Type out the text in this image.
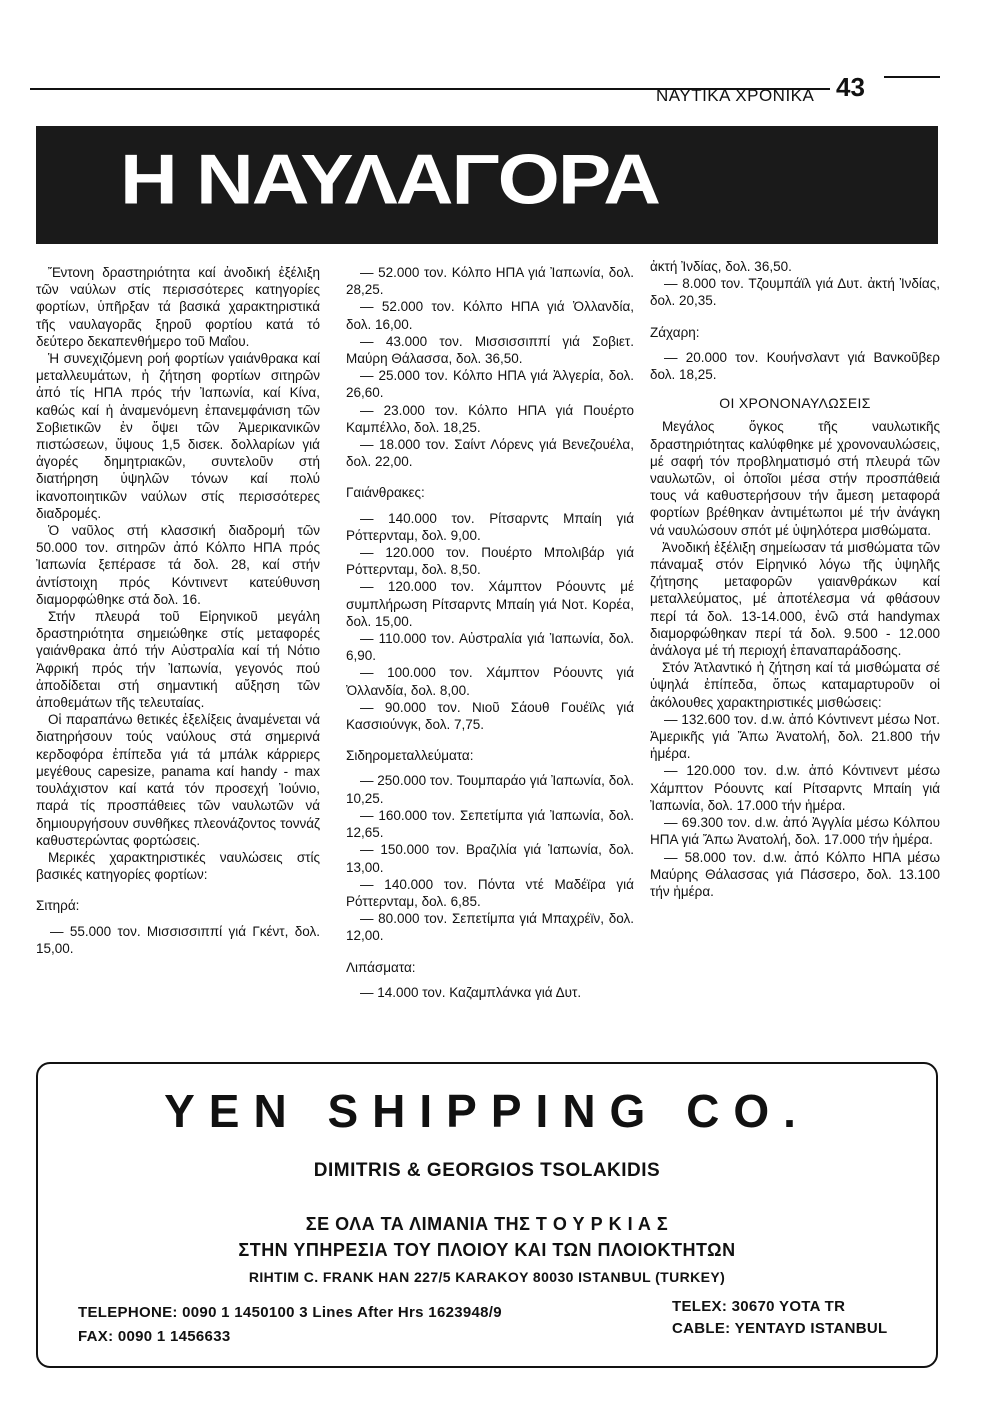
ΝΑΥΤΙΚΑ ΧΡΟΝΙΚΑ 43
Η ΝΑΥΛΑΓΟΡΑ

Ἔντονη δραστηριότητα καί ἀνοδική ἐξέλιξη τῶν ναύλων στίς περισσότερες κατηγορίες φορτίων, ὑπῆρξαν τά βασικά χαρακτηριστικά τῆς ναυλαγορᾶς ξηροῦ φορτίου κατά τό δεύτερο δεκαπενθήμερο τοῦ Μαΐου.

Ἡ συνεχιζόμενη ροή φορτίων γαιάνθρακα καί μεταλλευμάτων, ἡ ζήτηση φορτίων σιτηρῶν ἀπό τίς ΗΠΑ πρός τήν Ἰαπωνία, καί Κίνα, καθώς καί ἡ ἀναμενόμενη ἐπανεμφάνιση τῶν Σοβιετικῶν ἐν ὄψει τῶν Ἀμερικανικῶν πιστώσεων, ὕψους 1,5 δισεκ. δολλαρίων γιά ἀγορές δημητριακῶν, συντελοῦν στή διατήρηση ὑψηλῶν τόνων καί πολύ ἱκανοποιητικῶν ναύλων στίς περισσότερες διαδρομές.

Ὁ ναῦλος στή κλασσική διαδρομή τῶν 50.000 τον. σιτηρῶν ἀπό Κόλπο ΗΠΑ πρός Ἰαπωνία ξεπέρασε τά δολ. 28, καί στήν ἀντίστοιχη πρός Κόντινεντ κατεύθυνση διαμορφώθηκε στά δολ. 16.

Στήν πλευρά τοῦ Εἰρηνικοῦ μεγάλη δραστηριότητα σημειώθηκε στίς μεταφορές γαιάνθρακα ἀπό τήν Αὐστραλία καί τή Νότιο Ἀφρική πρός τήν Ἰαπωνία, γεγονός πού ἀποδίδεται στή σημαντική αὔξηση τῶν ἀποθεμάτων τῆς τελευταίας.

Οἱ παραπάνω θετικές ἐξελίξεις ἀναμένεται νά διατηρήσουν τούς ναύλους στά σημερινά κερδοφόρα ἐπίπεδα γιά τά μπάλκ κάρριερς μεγέθους capesize, panama καί handy - max τουλάχιστον καί κατά τόν προσεχή Ἰούνιο, παρά τίς προσπάθειες τῶν ναυλωτῶν νά δημιουργήσουν συνθῆκες πλεονάζοντος τοννάζ καθυστερώντας φορτώσεις.

Μερικές χαρακτηριστικές ναυλώσεις στίς βασικές κατηγορίες φορτίων:

Σιτηρά:

— 55.000 τον. Μισσισσιππί γιά Γκέντ, δολ. 15,00.

— 52.000 τον. Κόλπο ΗΠΑ γιά Ἰαπωνία, δολ. 28,25.

— 52.000 τον. Κόλπο ΗΠΑ γιά Ὀλλανδία, δολ. 16,00.

— 43.000 τον. Μισσισσιππί γιά Σοβιετ. Μαύρη Θάλασσα, δολ. 36,50.

— 25.000 τον. Κόλπο ΗΠΑ γιά Ἀλγερία, δολ. 26,60.

— 23.000 τον. Κόλπο ΗΠΑ γιά Πουέρτο Καμπέλλο, δολ. 18,25.

— 18.000 τον. Σαίντ Λόρενς γιά Βενεζουέλα, δολ. 22,00.

Γαιάνθρακες:

— 140.000 τον. Ρίτσαρντς Μπαίη γιά Ρόττερνταμ, δολ. 9,00.

— 120.000 τον. Πουέρτο Μπολιβάρ γιά Ρόττερνταμ, δολ. 8,50.

— 120.000 τον. Χάμπτον Ρόουντς μέ συμπλήρωση Ρίτσαρντς Μπαίη γιά Νοτ. Κορέα, δολ. 15,00.

— 110.000 τον. Αὐστραλία γιά Ἰαπωνία, δολ. 6,90.

— 100.000 τον. Χάμπτον Ρόουντς γιά Ὀλλανδία, δολ. 8,00.

— 90.000 τον. Νιοῦ Σάουθ Γουέϊλς γιά Κασσιούνγκ, δολ. 7,75.

Σιδηρομεταλλεύματα:

— 250.000 τον. Τουμπαράο γιά Ἰαπωνία, δολ. 10,25.

— 160.000 τον. Σεπετίμπα γιά Ἰαπωνία, δολ. 12,65.

— 150.000 τον. Βραζιλία γιά Ἰαπωνία, δολ. 13,00.

— 140.000 τον. Πόντα ντέ Μαδέϊρα γιά Ρόττερνταμ, δολ. 6,85.

— 80.000 τον. Σεπετίμπα γιά Μπαχρέϊν, δολ. 12,00.

Λιπάσματα:

— 14.000 τον. Καζαμπλάνκα γιά Δυτ.

ἀκτή Ἰνδίας, δολ. 36,50.

— 8.000 τον. Τζουμπάϊλ γιά Δυτ. ἀκτή Ἰνδίας, δολ. 20,35.

Ζάχαρη:

— 20.000 τον. Κουήνσλαντ γιά Βανκοῦβερ δολ. 18,25.

ΟΙ ΧΡΟΝΟΝΑΥΛΩΣΕΙΣ

Μεγάλος ὄγκος τῆς ναυλωτικῆς δραστηριότητας καλύφθηκε μέ χρονοναυλώσεις, μέ σαφή τόν προβληματισμό στή πλευρά τῶν ναυλωτῶν, οἱ ὁποῖοι μέσα στήν προσπάθειά τους νά καθυστερήσουν τήν ἄμεση μεταφορά φορτίων βρέθηκαν ἀντιμέτωποι μέ τήν ἀνάγκη νά ναυλώσουν σπότ μέ ὑψηλότερα μισθώματα.

Ἀνοδική ἐξέλιξη σημείωσαν τά μισθώματα τῶν πάναμαξ στόν Εἰρηνικό λόγω τῆς ὑψηλῆς ζήτησης μεταφορῶν γαιανθράκων καί μεταλλεύματος, μέ ἀποτέλεσμα νά φθάσουν περί τά δολ. 13-14.000, ἐνῶ στά handymax διαμορφώθηκαν περί τά δολ. 9.500 - 12.000 ἀνάλογα μέ τή περιοχή ἐπαναπαράδοσης.

Στόν Ἀτλαντικό ἡ ζήτηση καί τά μισθώματα σέ ὑψηλά ἐπίπεδα, ὅπως καταμαρτυροῦν οἱ ἀκόλουθες χαρακτηριστικές μισθώσεις:

— 132.600 τον. d.w. ἀπό Κόντινεντ μέσω Νοτ. Ἀμερικῆς γιά Ἄπω Ἀνατολή, δολ. 21.800 τήν ἡμέρα.

— 120.000 τον. d.w. ἀπό Κόντινεντ μέσω Χάμπτον Ρόουντς καί Ρίτσαρντς Μπαίη γιά Ἰαπωνία, δολ. 17.000 τήν ἡμέρα.

— 69.300 τον. d.w. ἀπό Ἀγγλία μέσω Κόλπου ΗΠΑ γιά Ἄπω Ἀνατολή, δολ. 17.000 τήν ἡμέρα.

— 58.000 τον. d.w. ἀπό Κόλπο ΗΠΑ μέσω Μαύρης Θάλασσας γιά Πάσσερο, δολ. 13.100 τήν ἡμέρα.

YEN SHIPPING CO.
DIMITRIS & GEORGIOS TSOLAKIDIS
ΣΕ ΟΛΑ ΤΑ ΛΙΜΑΝΙΑ ΤΗΣ Τ Ο Υ Ρ Κ Ι Α Σ
ΣΤΗΝ ΥΠΗΡΕΣΙΑ ΤΟΥ ΠΛΟΙΟΥ ΚΑΙ ΤΩΝ ΠΛΟΙΟΚΤΗΤΩΝ
RIHTIM C. FRANK HAN 227/5 KARAKOY 80030 ISTANBUL (TURKEY)
TELEPHONE: 0090 1 1450100 3 Lines After Hrs 1623948/9
FAX: 0090 1 1456633
TELEX: 30670 YOTA TR
CABLE: YENTAYD ISTANBUL
